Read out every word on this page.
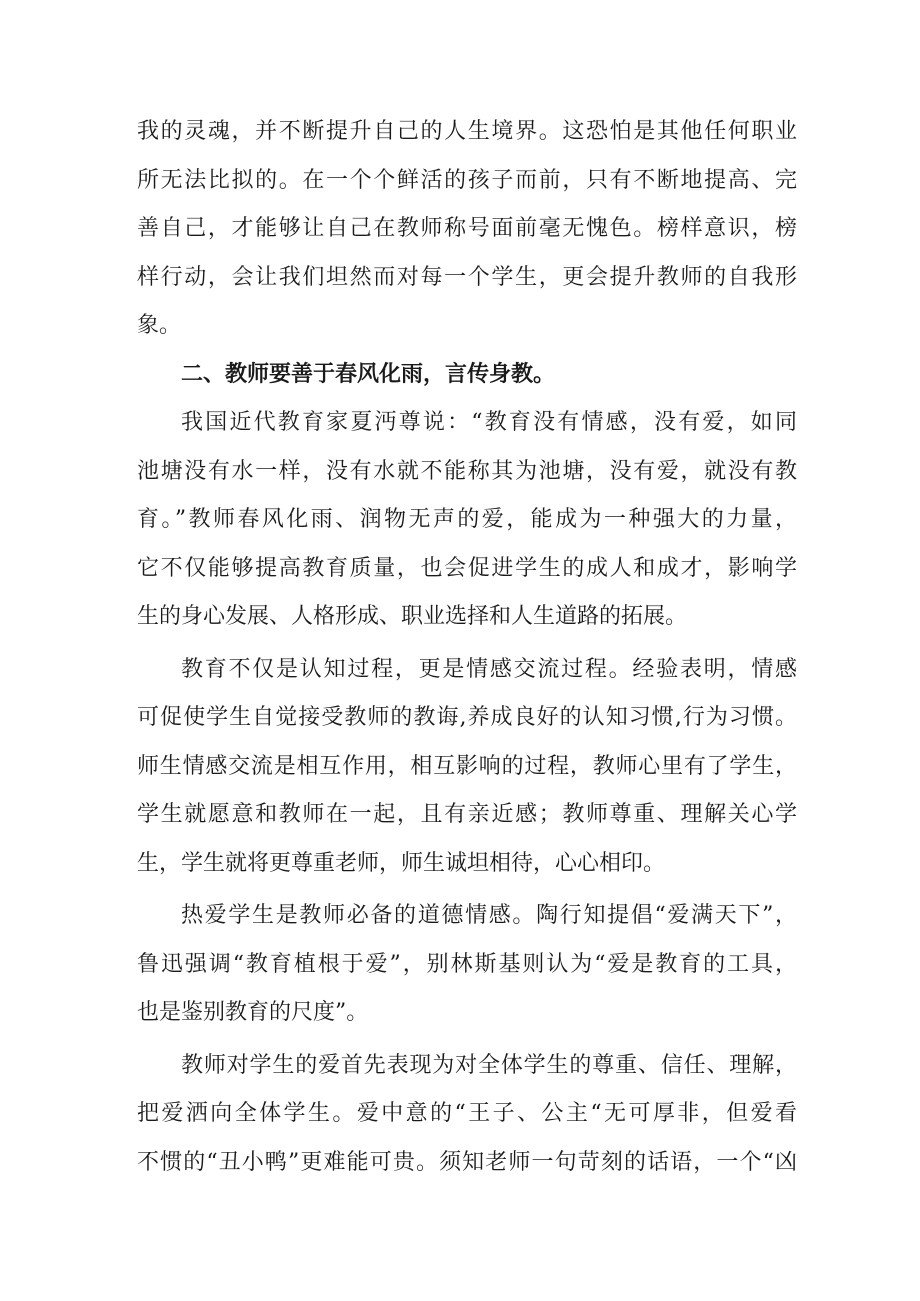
我的灵魂，并不断提升自己的人生境界。这恐怕是其他任何职业
所无法比拟的。在一个个鲜活的孩子而前，只有不断地提高、完
善自己，才能够让自己在教师称号面前毫无愧色。榜样意识，榜
样行动，会让我们坦然而对每一个学生，更会提升教师的自我形
象。
二、教师要善于春风化雨，言传身教。
我国近代教育家夏沔尊说：“教育没有情感，没有爱，如同
池塘没有水一样，没有水就不能称其为池塘，没有爱，就没有教
育。”教师春风化雨、润物无声的爱，能成为一种强大的力量，
它不仅能够提高教育质量，也会促进学生的成人和成才，影响学
生的身心发展、人格形成、职业选择和人生道路的拓展。
教育不仅是认知过程，更是情感交流过程。经验表明，情感
可促使学生自觉接受教师的教诲,养成良好的认知习惯,行为习惯。
师生情感交流是相互作用，相互影响的过程，教师心里有了学生，
学生就愿意和教师在一起，且有亲近感；教师尊重、理解关心学
生，学生就将更尊重老师，师生诚坦相待，心心相印。
热爱学生是教师必备的道德情感。陶行知提倡“爱满天下”，
鲁迅强调“教育植根于爱”，别林斯基则认为“爱是教育的工具，
也是鉴别教育的尺度”。
教师对学生的爱首先表现为对全体学生的尊重、信任、理解，
把爱洒向全体学生。爱中意的“王子、公主“无可厚非，但爱看
不惯的“丑小鸭”更难能可贵。须知老师一句苛刻的话语，一个“凶
